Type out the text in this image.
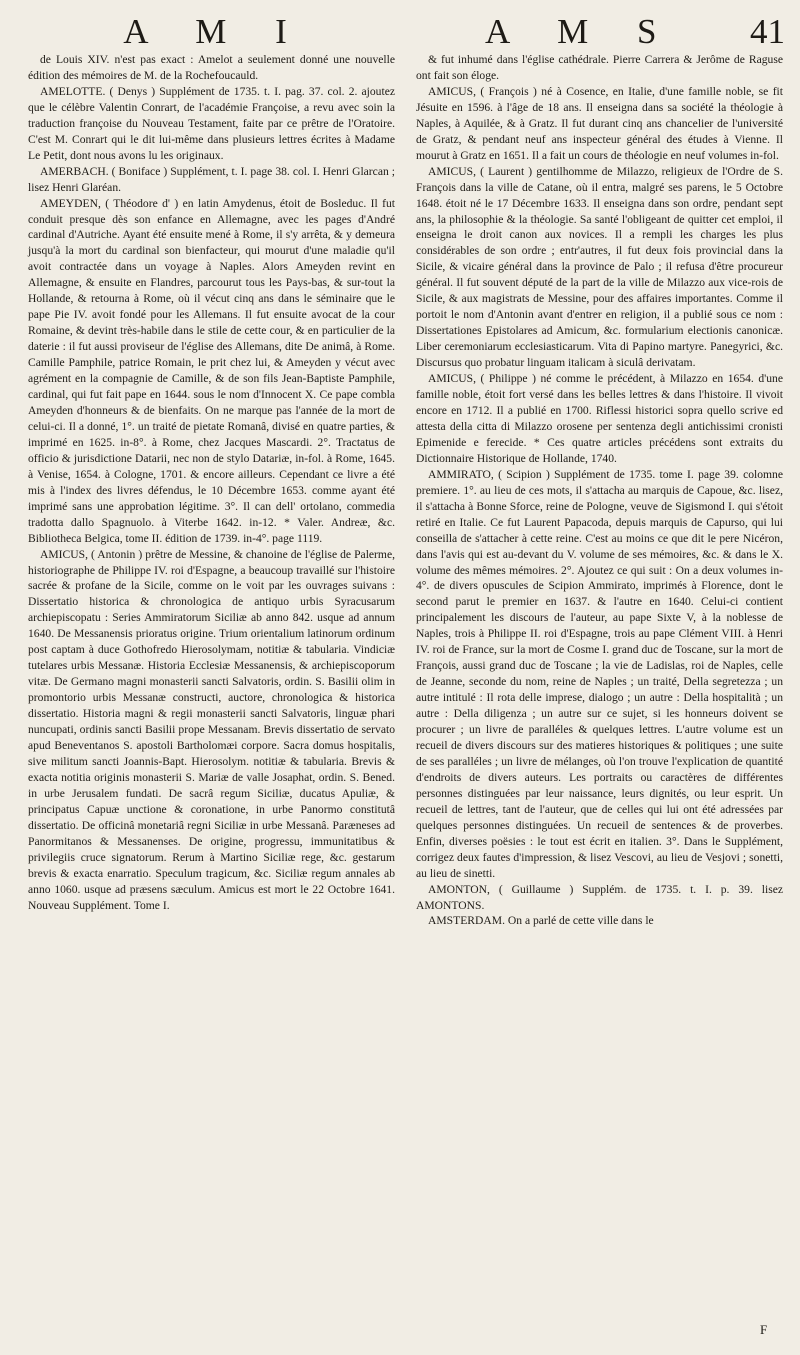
A M I	A M S 41

de Louis XIV. n'est pas exact : Amelot a seulement donné une nouvelle édition des mémoires de M. de la Rochefoucauld.

AMELOTTE. ( Denys ) Supplément de 1735. t. I. pag. 37. col. 2. ajoutez que le célèbre Valentin Conrart, de l'académie Françoise, a revu avec soin la traduction françoise du Nouveau Testament, faite par ce prêtre de l'Oratoire. C'est M. Conrart qui le dit lui-même dans plusieurs lettres écrites à Madame Le Petit, dont nous avons lu les originaux.

AMERBACH. ( Boniface ) Supplément, t. I. page 38. col. I. Henri Glarcan ; lisez Henri Glaréan.

AMEYDEN, ( Théodore d' ) en latin Amydenus, étoit de Bosleduc. Il fut conduit presque dès son enfance en Allemagne, avec les pages d'André cardinal d'Autriche. Ayant été ensuite mené à Rome, il s'y arrêta, & y demeura jusqu'à la mort du cardinal son bienfacteur, qui mourut d'une maladie qu'il avoit contractée dans un voyage à Naples. Alors Ameyden revint en Allemagne, & ensuite en Flandres, parcourut tous les Pays-bas, & sur-tout la Hollande, & retourna à Rome, où il vécut cinq ans dans le séminaire que le pape Pie IV. avoit fondé pour les Allemans. Il fut ensuite avocat de la cour Romaine, & devint très-habile dans le stile de cette cour, & en particulier de la daterie : il fut aussi proviseur de l'église des Allemans, dite De animâ, à Rome. Camille Pamphile, patrice Romain, le prit chez lui, & Ameyden y vécut avec agrément en la compagnie de Camille, & de son fils Jean-Baptiste Pamphile, cardinal, qui fut fait pape en 1644. sous le nom d'Innocent X. Ce pape combla Ameyden d'honneurs & de bienfaits. On ne marque pas l'année de la mort de celui-ci. Il a donné, 1°. un traité de pietate Romanâ, divisé en quatre parties, & imprimé en 1625. in-8°. à Rome, chez Jacques Mascardi. 2°. Tractatus de officio & jurisdictione Datarii, nec non de stylo Datariæ, in-fol. à Rome, 1645. à Venise, 1654. à Cologne, 1701. & encore ailleurs. Cependant ce livre a été mis à l'index des livres défendus, le 10 Décembre 1653. comme ayant été imprimé sans une approbation légitime. 3°. Il can dell' ortolano, commedia tradotta dallo Spagnuolo. à Viterbe 1642. in-12. * Valer. Andreæ, &c. Bibliotheca Belgica, tome II. édition de 1739. in-4°. page 1119.

AMICUS, ( Antonin ) prêtre de Messine, & chanoine de l'église de Palerme, historiographe de Philippe IV. roi d'Espagne, a beaucoup travaillé sur l'histoire sacrée & profane de la Sicile, comme on le voit par les ouvrages suivans : Dissertatio historica & chronologica de antiquo urbis Syracusarum archiepiscopatu : Series Ammiratorum Siciliæ ab anno 842. usque ad annum 1640. De Messanensis prioratus origine. Trium orientalium latinorum ordinum post captam à duce Gothofredo Hierosolymam, notitiæ & tabularia. Vindiciæ tutelares urbis Messanæ. Historia Ecclesiæ Messanensis, & archiepiscoporum vitæ. De Germano magni monasterii sancti Salvatoris, ordin. S. Basilii olim in promontorio urbis Messanæ constructi, auctore, chronologica & historica dissertatio. Historia magni & regii monasterii sancti Salvatoris, linguæ phari nuncupati, ordinis sancti Basilii prope Messanam. Brevis dissertatio de servato apud Beneventanos S. apostoli Bartholomæi corpore. Sacra domus hospitalis, sive militum sancti Joannis-Bapt. Hierosolym. notitiæ & tabularia. Brevis & exacta notitia originis monasterii S. Mariæ de valle Josaphat, ordin. S. Bened. in urbe Jerusalem fundati. De sacrâ regum Siciliæ, ducatus Apuliæ, & principatus Capuæ unctione & coronatione, in urbe Panormo constitutâ dissertatio. De officinâ monetariâ regni Siciliæ in urbe Messanâ. Paræneses ad Panormitanos & Messanenses. De origine, progressu, immunitatibus & privilegiis cruce signatorum. Rerum à Martino Siciliæ rege, &c. gestarum brevis & exacta enarratio. Speculum tragicum, &c. Siciliæ regum annales ab anno 1060. usque ad præsens sæculum. Amicus est mort le 22 Octobre 1641. Nouveau Supplément. Tome I.

& fut inhumé dans l'église cathédrale. Pierre Carrera & Jerôme de Raguse ont fait son éloge.

AMICUS, ( François ) né à Cosence, en Italie, d'une famille noble, se fit Jésuite en 1596. à l'âge de 18 ans. Il enseigna dans sa société la théologie à Naples, à Aquilée, & à Gratz. Il fut durant cinq ans chancelier de l'université de Gratz, & pendant neuf ans inspecteur général des études à Vienne. Il mourut à Gratz en 1651. Il a fait un cours de théologie en neuf volumes in-fol.

AMICUS, ( Laurent ) gentilhomme de Milazzo, religieux de l'Ordre de S. François dans la ville de Catane, où il entra, malgré ses parens, le 5 Octobre 1648. étoit né le 17 Décembre 1633. Il enseigna dans son ordre, pendant sept ans, la philosophie & la théologie. Sa santé l'obligeant de quitter cet emploi, il enseigna le droit canon aux novices. Il a rempli les charges les plus considérables de son ordre ; entr'autres, il fut deux fois provincial dans la Sicile, & vicaire général dans la province de Palo ; il refusa d'être procureur général. Il fut souvent député de la part de la ville de Milazzo aux vice-rois de Sicile, & aux magistrats de Messine, pour des affaires importantes. Comme il portoit le nom d'Antonin avant d'entrer en religion, il a publié sous ce nom : Dissertationes Epistolares ad Amicum, &c. formularium electionis canonicæ. Liber ceremoniarum ecclesiasticarum. Vita di Papino martyre. Panegyrici, &c. Discursus quo probatur linguam italicam à siculâ derivatam.

AMICUS, ( Philippe ) né comme le précédent, à Milazzo en 1654. d'une famille noble, étoit fort versé dans les belles lettres & dans l'histoire. Il vivoit encore en 1712. Il a publié en 1700. Riflessi historici sopra quello scrive ed attesta della citta di Milazzo orosene per sentenza degli antichissimi cronisti Epimenide e ferecide. * Ces quatre articles précédens sont extraits du Dictionnaire Historique de Hollande, 1740.

AMMIRATO, ( Scipion ) Supplément de 1735. tome I. page 39. colomne premiere. 1°. au lieu de ces mots, il s'attacha au marquis de Capoue, &c. lisez, il s'attacha à Bonne Sforce, reine de Pologne, veuve de Sigismond I. qui s'étoit retiré en Italie. Ce fut Laurent Papacoda, depuis marquis de Capurso, qui lui conseilla de s'attacher à cette reine. C'est au moins ce que dit le pere Nicéron, dans l'avis qui est au-devant du V. volume de ses mémoires, &c. & dans le X. volume des mêmes mémoires. 2°. Ajoutez ce qui suit : On a deux volumes in-4°. de divers opuscules de Scipion Ammirato, imprimés à Florence, dont le second parut le premier en 1637. & l'autre en 1640. Celui-ci contient principalement les discours de l'auteur, au pape Sixte V, à la noblesse de Naples, trois à Philippe II. roi d'Espagne, trois au pape Clément VIII. à Henri IV. roi de France, sur la mort de Cosme I. grand duc de Toscane, sur la mort de François, aussi grand duc de Toscane ; la vie de Ladislas, roi de Naples, celle de Jeanne, seconde du nom, reine de Naples ; un traité, Della segretezza ; un autre intitulé : Il rota delle imprese, dialogo ; un autre : Della hospitalità ; un autre : Della diligenza ; un autre sur ce sujet, si les honneurs doivent se procurer ; un livre de paralléles & quelques lettres. L'autre volume est un recueil de divers discours sur des matieres historiques & politiques ; une suite de ses paralléles ; un livre de mélanges, où l'on trouve l'explication de quantité d'endroits de divers auteurs. Les portraits ou caractères de différentes personnes distinguées par leur naissance, leurs dignités, ou leur esprit. Un recueil de lettres, tant de l'auteur, que de celles qui lui ont été adressées par quelques personnes distinguées. Un recueil de sentences & de proverbes. Enfin, diverses poësies : le tout est écrit en italien. 3°. Dans le Supplément, corrigez deux fautes d'impression, & lisez Vescovi, au lieu de Vesjovi ; sonetti, au lieu de sinetti.

AMONTON, ( Guillaume ) Supplém. de 1735. t. I. p. 39. lisez AMONTONS.

AMSTERDAM. On a parlé de cette ville dans le

F
